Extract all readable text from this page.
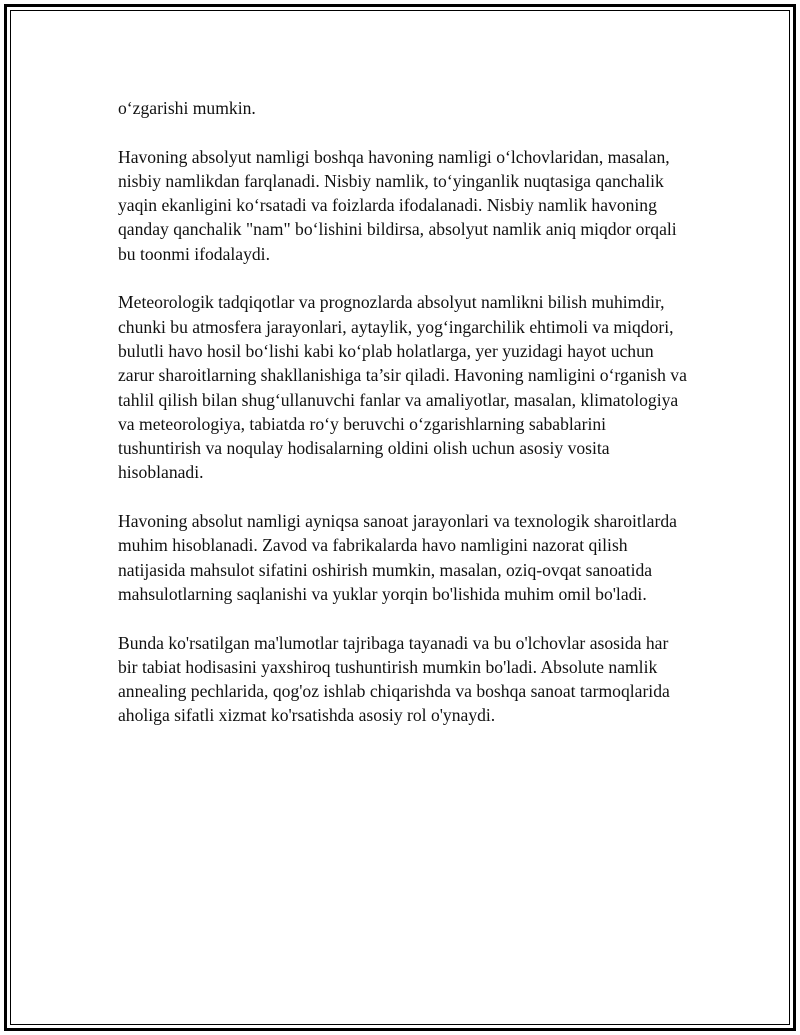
o‘zgarishi mumkin.

Havoning absolyut namligi boshqa havoning namligi o‘lchovlaridan, masalan, nisbiy namlikdan farqlanadi. Nisbiy namlik, to‘yinganlik nuqtasiga qanchalik yaqin ekanligini ko‘rsatadi va foizlarda ifodalanadi. Nisbiy namlik havoning qanday qanchalik "nam" bo‘lishini bildirsa, absolyut namlik aniq miqdor orqali bu toonmi ifodalaydi.

Meteorologik tadqiqotlar va prognozlarda absolyut namlikni bilish muhimdir, chunki bu atmosfera jarayonlari, aytaylik, yog‘ingarchilik ehtimoli va miqdori, bulutli havo hosil bo‘lishi kabi ko‘plab holatlarga, yer yuzidagi hayot uchun zarur sharoitlarning shakllanishiga ta’sir qiladi. Havoning namligini o‘rganish va tahlil qilish bilan shug‘ullanuvchi fanlar va amaliyotlar, masalan, klimatologiya va meteorologiya, tabiatda ro‘y beruvchi o‘zgarishlarning sabablarini tushuntirish va noqulay hodisalarning oldini olish uchun asosiy vosita hisoblanadi.

Havoning absolut namligi ayniqsa sanoat jarayonlari va texnologik sharoitlarda muhim hisoblanadi. Zavod va fabrikalarda havo namligini nazorat qilish natijasida mahsulot sifatini oshirish mumkin, masalan, oziq-ovqat sanoatida mahsulotlarning saqlanishi va yuklar yorqin bo'lishida muhim omil bo'ladi.

Bunda ko'rsatilgan ma'lumotlar tajribaga tayanadi va bu o'lchovlar asosida har bir tabiat hodisasini yaxshiroq tushuntirish mumkin bo'ladi. Absolute namlik annealing pechlarida, qog'oz ishlab chiqarishda va boshqa sanoat tarmoqlarida aholiga sifatli xizmat ko'rsatishda asosiy rol o'ynaydi.
